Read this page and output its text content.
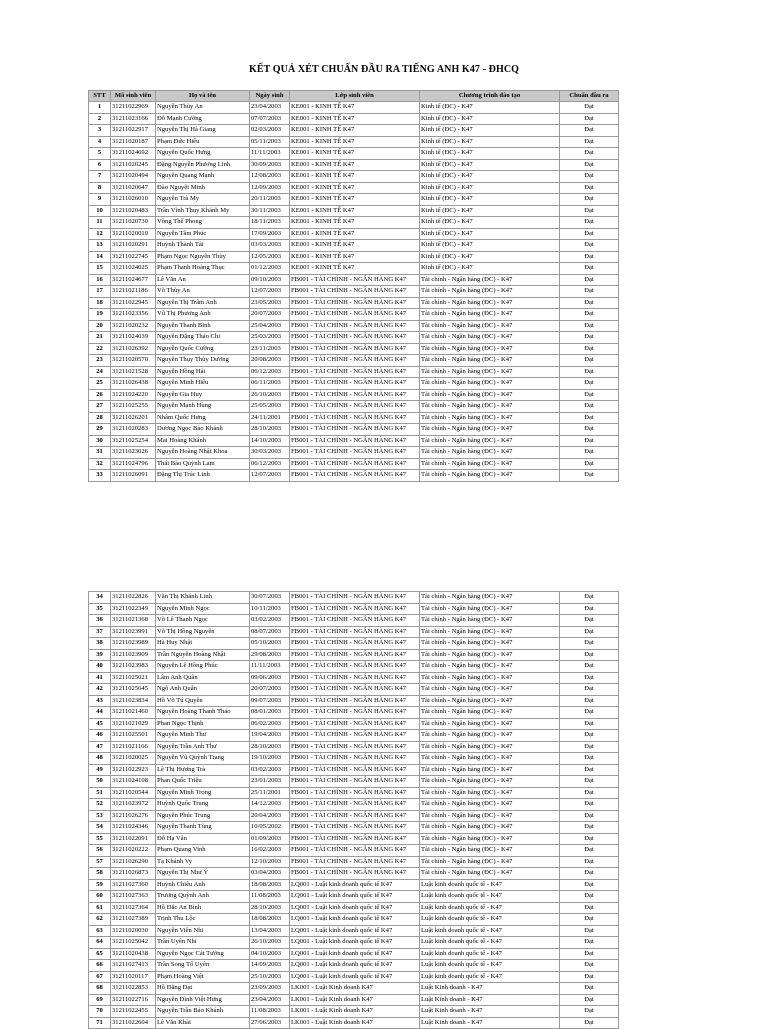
KẾT QUẢ XÉT CHUẨN ĐẦU RA TIẾNG ANH K47 - ĐHCQ
STT	Mã sinh viên	Họ và tên	Ngày sinh	Lớp sinh viên	Chương trình đào tạo	Chuẩn đầu ra
1	31211022969	Nguyễn Thùy An	23/04/2003	KE001 - KINH TẾ K47	Kinh tế (ĐC) - K47	Đạt
2	31211023166	Đỗ Mạnh Cường	07/07/2003	KE001 - KINH TẾ K47	Kinh tế (ĐC) - K47	Đạt
3	31211022917	Nguyễn Thị Hà Giang	02/03/2003	KE001 - KINH TẾ K47	Kinh tế (ĐC) - K47	Đạt
4	31211020187	Phạm Đức Hiếu	05/11/2003	KE001 - KINH TẾ K47	Kinh tế (ĐC) - K47	Đạt
5	31211024692	Nguyễn Quốc Hưng	11/11/2003	KE001 - KINH TẾ K47	Kinh tế (ĐC) - K47	Đạt
6	31211020245	Đặng Nguyễn Phương Linh	30/09/2003	KE001 - KINH TẾ K47	Kinh tế (ĐC) - K47	Đạt
7	31211020494	Nguyễn Quang Mạnh	12/08/2003	KE001 - KINH TẾ K47	Kinh tế (ĐC) - K47	Đạt
8	31211020647	Đào Nguyệt Minh	12/09/2003	KE001 - KINH TẾ K47	Kinh tế (ĐC) - K47	Đạt
9	31211026010	Nguyễn Trà My	20/11/2003	KE001 - KINH TẾ K47	Kinh tế (ĐC) - K47	Đạt
10	31211020483	Trần Vĩnh Thụy Khánh My	30/11/2003	KE001 - KINH TẾ K47	Kinh tế (ĐC) - K47	Đạt
11	31211020730	Vòng Thế Phong	18/11/2003	KE001 - KINH TẾ K47	Kinh tế (ĐC) - K47	Đạt
12	31211020010	Nguyễn Tâm Phúc	17/09/2003	KE001 - KINH TẾ K47	Kinh tế (ĐC) - K47	Đạt
13	31211020291	Huỳnh Thành Tài	03/03/2003	KE001 - KINH TẾ K47	Kinh tế (ĐC) - K47	Đạt
14	31211022745	Phạm Ngọc Nguyên Thùy	12/05/2003	KE001 - KINH TẾ K47	Kinh tế (ĐC) - K47	Đạt
15	31211024025	Phạm Thanh Hoàng Thục	01/12/2003	KE001 - KINH TẾ K47	Kinh tế (ĐC) - K47	Đạt
16	31211024677	Lê Văn An	09/10/2003	FB001 - TÀI CHÍNH - NGÂN HÀNG K47	Tài chính - Ngân hàng (ĐC) - K47	Đạt
17	31211021186	Võ Thùy An	12/07/2003	FB001 - TÀI CHÍNH - NGÂN HÀNG K47	Tài chính - Ngân hàng (ĐC) - K47	Đạt
18	31211022945	Nguyễn Thị Trâm Anh	23/05/2003	FB001 - TÀI CHÍNH - NGÂN HÀNG K47	Tài chính - Ngân hàng (ĐC) - K47	Đạt
19	31211023356	Vũ Thị Phương Anh	20/07/2003	FB001 - TÀI CHÍNH - NGÂN HÀNG K47	Tài chính - Ngân hàng (ĐC) - K47	Đạt
20	31211020232	Nguyễn Thanh Bình	25/04/2003	FB001 - TÀI CHÍNH - NGÂN HÀNG K47	Tài chính - Ngân hàng (ĐC) - K47	Đạt
21	31211024039	Nguyễn Đặng Thảo Chi	25/03/2003	FB001 - TÀI CHÍNH - NGÂN HÀNG K47	Tài chính - Ngân hàng (ĐC) - K47	Đạt
22	31211026392	Nguyễn Quốc Cường	23/11/2003	FB001 - TÀI CHÍNH - NGÂN HÀNG K47	Tài chính - Ngân hàng (ĐC) - K47	Đạt
23	31211020570	Nguyễn Thụy Thùy Dương	20/08/2003	FB001 - TÀI CHÍNH - NGÂN HÀNG K47	Tài chính - Ngân hàng (ĐC) - K47	Đạt
24	31211021528	Nguyễn Hồng Hải	06/12/2003	FB001 - TÀI CHÍNH - NGÂN HÀNG K47	Tài chính - Ngân hàng (ĐC) - K47	Đạt
25	31211026438	Nguyễn Minh Hiếu	06/11/2003	FB001 - TÀI CHÍNH - NGÂN HÀNG K47	Tài chính - Ngân hàng (ĐC) - K47	Đạt
26	31211024220	Nguyễn Gia Huy	26/10/2003	FB001 - TÀI CHÍNH - NGÂN HÀNG K47	Tài chính - Ngân hàng (ĐC) - K47	Đạt
27	31211025255	Nguyễn Mạnh Hùng	25/05/2003	FB001 - TÀI CHÍNH - NGÂN HÀNG K47	Tài chính - Ngân hàng (ĐC) - K47	Đạt
28	31211026201	Nhâm Quốc Hưng	24/11/2001	FB001 - TÀI CHÍNH - NGÂN HÀNG K47	Tài chính - Ngân hàng (ĐC) - K47	Đạt
29	31211020283	Dương Ngọc Bảo Khánh	28/10/2003	FB001 - TÀI CHÍNH - NGÂN HÀNG K47	Tài chính - Ngân hàng (ĐC) - K47	Đạt
30	31211025254	Mai Hoàng Khánh	14/10/2003	FB001 - TÀI CHÍNH - NGÂN HÀNG K47	Tài chính - Ngân hàng (ĐC) - K47	Đạt
31	31211023026	Nguyễn Hoàng Nhật Khoa	30/03/2003	FB001 - TÀI CHÍNH - NGÂN HÀNG K47	Tài chính - Ngân hàng (ĐC) - K47	Đạt
32	31211024796	Thái Bảo Quỳnh Lam	06/12/2003	FB001 - TÀI CHÍNH - NGÂN HÀNG K47	Tài chính - Ngân hàng (ĐC) - K47	Đạt
33	31211026091	Đặng Thị Trúc Linh	12/07/2003	FB001 - TÀI CHÍNH - NGÂN HÀNG K47	Tài chính - Ngân hàng (ĐC) - K47	Đạt
34	31211022826	Văn Thị Khánh Linh	30/07/2003	FB001 - TÀI CHÍNH - NGÂN HÀNG K47	Tài chính - Ngân hàng (ĐC) - K47	Đạt
35	31211022349	Nguyễn Minh Ngọc	10/11/2003	FB001 - TÀI CHÍNH - NGÂN HÀNG K47	Tài chính - Ngân hàng (ĐC) - K47	Đạt
36	31211021368	Võ Lê Thanh Ngọc	03/02/2003	FB001 - TÀI CHÍNH - NGÂN HÀNG K47	Tài chính - Ngân hàng (ĐC) - K47	Đạt
37	31211023991	Võ Thị Hồng Nguyên	08/07/2003	FB001 - TÀI CHÍNH - NGÂN HÀNG K47	Tài chính - Ngân hàng (ĐC) - K47	Đạt
38	31211023989	Hà Huy Nhật	05/10/2003	FB001 - TÀI CHÍNH - NGÂN HÀNG K47	Tài chính - Ngân hàng (ĐC) - K47	Đạt
39	31211023909	Trần Nguyễn Hoàng Nhật	29/08/2003	FB001 - TÀI CHÍNH - NGÂN HÀNG K47	Tài chính - Ngân hàng (ĐC) - K47	Đạt
40	31211023983	Nguyễn Lê Hồng Phúc	11/11/2003	FB001 - TÀI CHÍNH - NGÂN HÀNG K47	Tài chính - Ngân hàng (ĐC) - K47	Đạt
41	31211025021	Lâm Anh Quân	09/06/2003	FB001 - TÀI CHÍNH - NGÂN HÀNG K47	Tài chính - Ngân hàng (ĐC) - K47	Đạt
42	31211025645	Ngô Anh Quân	20/07/2003	FB001 - TÀI CHÍNH - NGÂN HÀNG K47	Tài chính - Ngân hàng (ĐC) - K47	Đạt
43	31211023834	Hồ Võ Tú Quyên	09/07/2003	FB001 - TÀI CHÍNH - NGÂN HÀNG K47	Tài chính - Ngân hàng (ĐC) - K47	Đạt
44	31211021460	Nguyễn Hoàng Thanh Thảo	08/01/2003	FB001 - TÀI CHÍNH - NGÂN HÀNG K47	Tài chính - Ngân hàng (ĐC) - K47	Đạt
45	31211021029	Phan Ngọc Thịnh	06/02/2003	FB001 - TÀI CHÍNH - NGÂN HÀNG K47	Tài chính - Ngân hàng (ĐC) - K47	Đạt
46	31211025501	Nguyễn Minh Thư	19/04/2003	FB001 - TÀI CHÍNH - NGÂN HÀNG K47	Tài chính - Ngân hàng (ĐC) - K47	Đạt
47	31211021166	Nguyễn Trần Anh Thư	28/10/2003	FB001 - TÀI CHÍNH - NGÂN HÀNG K47	Tài chính - Ngân hàng (ĐC) - K47	Đạt
48	31211020025	Nguyễn Vũ Quỳnh Trang	19/10/2003	FB001 - TÀI CHÍNH - NGÂN HÀNG K47	Tài chính - Ngân hàng (ĐC) - K47	Đạt
49	31211022923	Lê Thị Hương Trà	03/02/2003	FB001 - TÀI CHÍNH - NGÂN HÀNG K47	Tài chính - Ngân hàng (ĐC) - K47	Đạt
50	31211024108	Phan Quốc Triệu	23/01/2003	FB001 - TÀI CHÍNH - NGÂN HÀNG K47	Tài chính - Ngân hàng (ĐC) - K47	Đạt
51	31211020544	Nguyễn Minh Trọng	25/11/2001	FB001 - TÀI CHÍNH - NGÂN HÀNG K47	Tài chính - Ngân hàng (ĐC) - K47	Đạt
52	31211023972	Huỳnh Quốc Trung	14/12/2003	FB001 - TÀI CHÍNH - NGÂN HÀNG K47	Tài chính - Ngân hàng (ĐC) - K47	Đạt
53	31211026276	Nguyễn Phúc Trung	20/04/2003	FB001 - TÀI CHÍNH - NGÂN HÀNG K47	Tài chính - Ngân hàng (ĐC) - K47	Đạt
54	31211024346	Nguyễn Thanh Tùng	10/05/2002	FB001 - TÀI CHÍNH - NGÂN HÀNG K47	Tài chính - Ngân hàng (ĐC) - K47	Đạt
55	31211022091	Đỗ Hạ Vân	01/09/2003	FB001 - TÀI CHÍNH - NGÂN HÀNG K47	Tài chính - Ngân hàng (ĐC) - K47	Đạt
56	31211020222	Phạm Quang Vinh	16/02/2003	FB001 - TÀI CHÍNH - NGÂN HÀNG K47	Tài chính - Ngân hàng (ĐC) - K47	Đạt
57	31211026290	Tạ Khánh Vy	12/10/2003	FB001 - TÀI CHÍNH - NGÂN HÀNG K47	Tài chính - Ngân hàng (ĐC) - K47	Đạt
58	31211026873	Nguyễn Thị Như Ý	03/04/2003	FB001 - TÀI CHÍNH - NGÂN HÀNG K47	Tài chính - Ngân hàng (ĐC) - K47	Đạt
59	31211027360	Huỳnh Chiêu Anh	18/08/2003	LQ001 - Luật kinh doanh quốc tế K47	Luật kinh doanh quốc tế - K47	Đạt
60	31211027363	Trương Quỳnh Anh	11/08/2003	LQ001 - Luật kinh doanh quốc tế K47	Luật kinh doanh quốc tế - K47	Đạt
61	31211027364	Hồ Đắc An Bình	28/10/2003	LQ001 - Luật kinh doanh quốc tế K47	Luật kinh doanh quốc tế - K47	Đạt
62	31211027389	Trịnh Thu Lộc	18/08/2003	LQ001 - Luật kinh doanh quốc tế K47	Luật kinh doanh quốc tế - K47	Đạt
63	31211020030	Nguyễn Viên Nhi	13/04/2003	LQ001 - Luật kinh doanh quốc tế K47	Luật kinh doanh quốc tế - K47	Đạt
64	31211025042	Trần Uyên Nhi	26/10/2003	LQ001 - Luật kinh doanh quốc tế K47	Luật kinh doanh quốc tế - K47	Đạt
65	31211020438	Nguyễn Ngọc Cát Tường	04/10/2003	LQ001 - Luật kinh doanh quốc tế K47	Luật kinh doanh quốc tế - K47	Đạt
66	31211027413	Trần Song Tố Uyên	14/09/2003	LQ001 - Luật kinh doanh quốc tế K47	Luật kinh doanh quốc tế - K47	Đạt
67	31211020117	Phạm Hoàng Việt	25/10/2003	LQ001 - Luật kinh doanh quốc tế K47	Luật kinh doanh quốc tế - K47	Đạt
68	31211022853	Hồ Đăng Đạt	23/09/2003	LK001 - Luật Kinh doanh K47	Luật Kinh doanh - K47	Đạt
69	31211022716	Nguyễn Đình Việt Hưng	23/04/2003	LK001 - Luật Kinh doanh K47	Luật Kinh doanh - K47	Đạt
70	31211022455	Nguyễn Trần Bảo Khánh	11/08/2003	LK001 - Luật Kinh doanh K47	Luật Kinh doanh - K47	Đạt
71	31211022604	Lê Văn Khải	27/06/2003	LK001 - Luật Kinh doanh K47	Luật Kinh doanh - K47	Đạt
